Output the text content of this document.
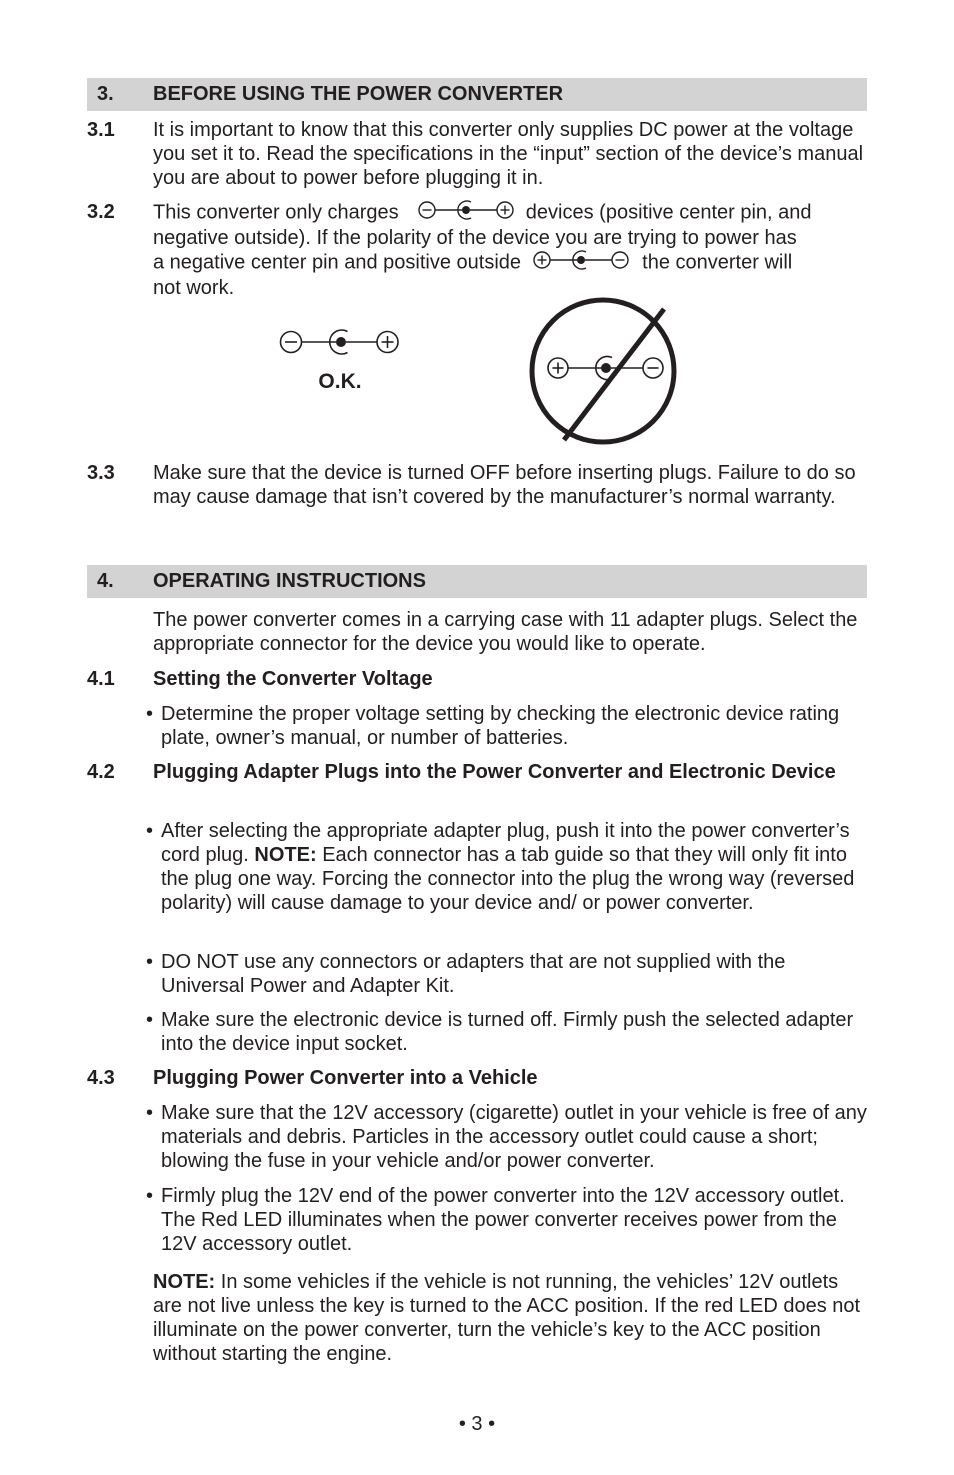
3. BEFORE USING THE POWER CONVERTER
3.1 It is important to know that this converter only supplies DC power at the voltage you set it to. Read the specifications in the “input” section of the device’s manual you are about to power before plugging it in.
3.2 This converter only charges	devices (positive center pin, and
negative outside). If the polarity of the device you are trying to power has
a negative center pin and positive outside	the converter will
not work.
O.K.
3.3 Make sure that the device is turned OFF before inserting plugs. Failure to do so may cause damage that isn’t covered by the manufacturer’s normal warranty.
4. OPERATING INSTRUCTIONS
The power converter comes in a carrying case with 11 adapter plugs. Select the appropriate connector for the device you would like to operate.
4.1 Setting the Converter Voltage
• Determine the proper voltage setting by checking the electronic device rating plate, owner’s manual, or number of batteries.
4.2 Plugging Adapter Plugs into the Power Converter and Electronic Device
• After selecting the appropriate adapter plug, push it into the power converter’s cord plug. NOTE: Each connector has a tab guide so that they will only fit into the plug one way. Forcing the connector into the plug the wrong way (reversed polarity) will cause damage to your device and/ or power converter.
• DO NOT use any connectors or adapters that are not supplied with the Universal Power and Adapter Kit.
• Make sure the electronic device is turned off. Firmly push the selected adapter into the device input socket.
4.3 Plugging Power Converter into a Vehicle
• Make sure that the 12V accessory (cigarette) outlet in your vehicle is free of any materials and debris. Particles in the accessory outlet could cause a short; blowing the fuse in your vehicle and/or power converter.
• Firmly plug the 12V end of the power converter into the 12V accessory outlet. The Red LED illuminates when the power converter receives power from the 12V accessory outlet.
NOTE: In some vehicles if the vehicle is not running, the vehicles’ 12V outlets are not live unless the key is turned to the ACC position. If the red LED does not illuminate on the power converter, turn the vehicle’s key to the ACC position without starting the engine.
• 3 •
